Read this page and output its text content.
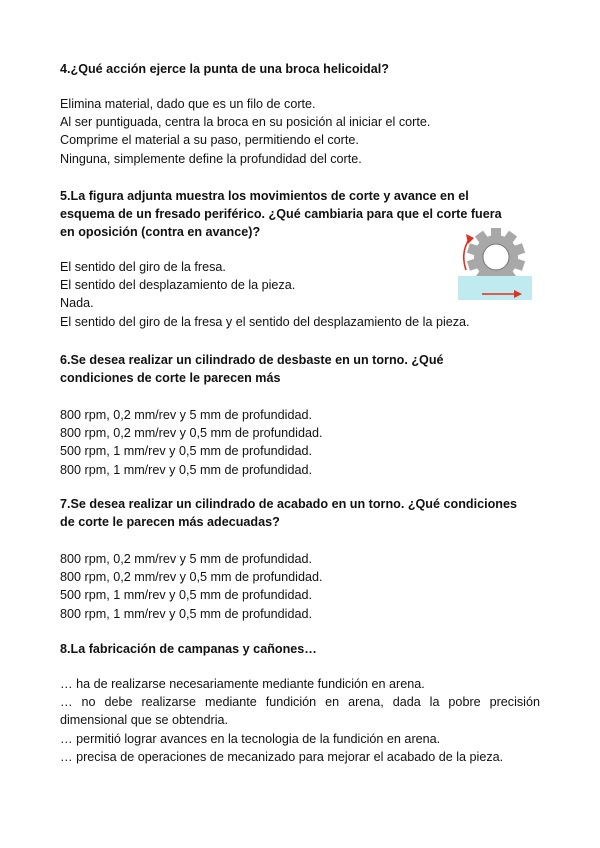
4.¿Qué acción ejerce la punta de una broca helicoidal?

Elimina material, dado que es un filo de corte.

Al ser puntiguada, centra la broca en su posición al iniciar el corte.

Comprime el material a su paso, permitiendo el corte.

Ninguna, simplemente define la profundidad del corte.

5.La figura adjunta muestra los movimientos de corte y avance en el

esquema de un fresado periférico. ¿Qué cambiaria para que el corte fuera

en oposición (contra en avance)?

El sentido del giro de la fresa.

El sentido del desplazamiento de la pieza.

Nada.

El sentido del giro de la fresa y el sentido del desplazamiento de la pieza.

6.Se desea realizar un cilindrado de desbaste en un torno. ¿Qué

condiciones de corte le parecen más

800 rpm, 0,2 mm/rev y 5 mm de profundidad.

800 rpm, 0,2 mm/rev y 0,5 mm de profundidad.

500 rpm, 1 mm/rev y 0,5 mm de profundidad.

800 rpm, 1 mm/rev y 0,5 mm de profundidad.

7.Se desea realizar un cilindrado de acabado en un torno. ¿Qué condiciones

de corte le parecen más adecuadas?

800 rpm, 0,2 mm/rev y 5 mm de profundidad.

800 rpm, 0,2 mm/rev y 0,5 mm de profundidad.

500 rpm, 1 mm/rev y 0,5 mm de profundidad.

800 rpm, 1 mm/rev y 0,5 mm de profundidad.

8.La fabricación de campanas y cañones…

… ha de realizarse necesariamente mediante fundición en arena.

… no debe realizarse mediante fundición en arena, dada la pobre precisión dimensional que se obtendria.

… permitió lograr avances en la tecnologia de la fundición en arena.

… precisa de operaciones de mecanizado para mejorar el acabado de la pieza.
